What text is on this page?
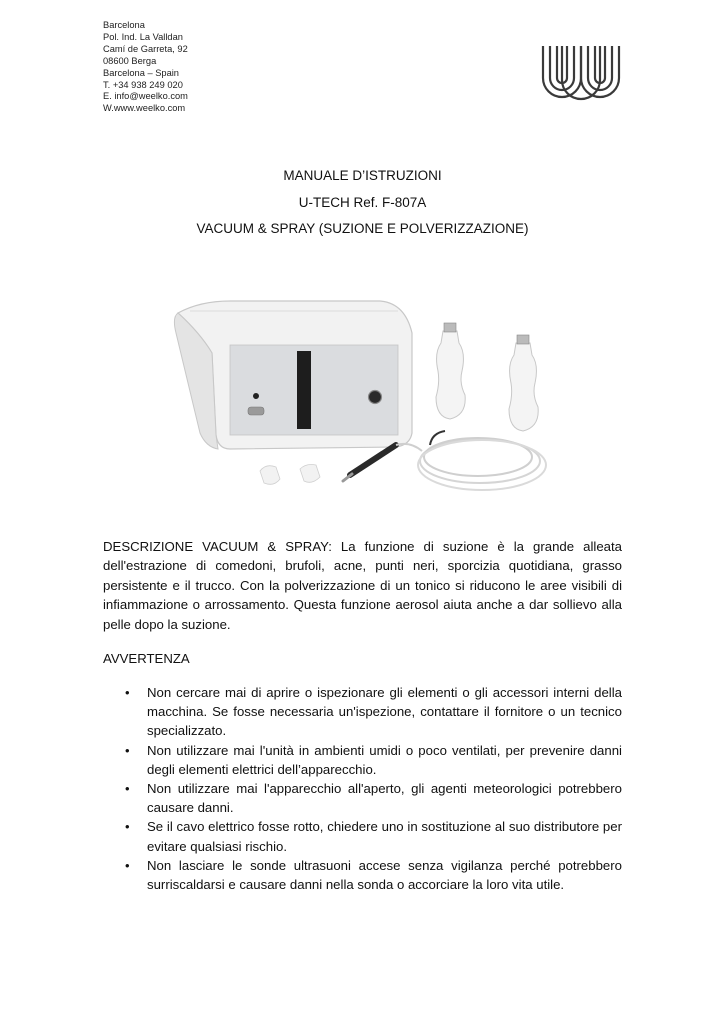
Barcelona
Pol. Ind. La Valldan
Camí de Garreta, 92
08600 Berga
Barcelona – Spain
T. +34 938 249 020
E. info@weelko.com
W.www.weelko.com
MANUALE D’ISTRUZIONI
U-TECH Ref. F-807A
VACUUM & SPRAY (SUZIONE E POLVERIZZAZIONE)
DESCRIZIONE VACUUM & SPRAY: La funzione di suzione è la grande alleata dell'estrazione di comedoni, brufoli, acne, punti neri, sporcizia quotidiana, grasso persistente e il trucco. Con la polverizzazione di un tonico si riducono le aree visibili di infiammazione o arrossamento. Questa funzione aerosol aiuta anche a dar sollievo alla pelle dopo la suzione.
AVVERTENZA
• Non cercare mai di aprire o ispezionare gli elementi o gli accessori interni della macchina. Se fosse necessaria un'ispezione, contattare il fornitore o un tecnico specializzato.
• Non utilizzare mai l'unità in ambienti umidi o poco ventilati, per prevenire danni degli elementi elettrici dell’apparecchio.
• Non utilizzare mai l'apparecchio all'aperto, gli agenti meteorologici potrebbero causare danni.
• Se il cavo elettrico fosse rotto, chiedere uno in sostituzione al suo distributore per evitare qualsiasi rischio.
• Non lasciare le sonde ultrasuoni accese senza vigilanza perché potrebbero surriscaldarsi e causare danni nella sonda o accorciare la loro vita utile.
